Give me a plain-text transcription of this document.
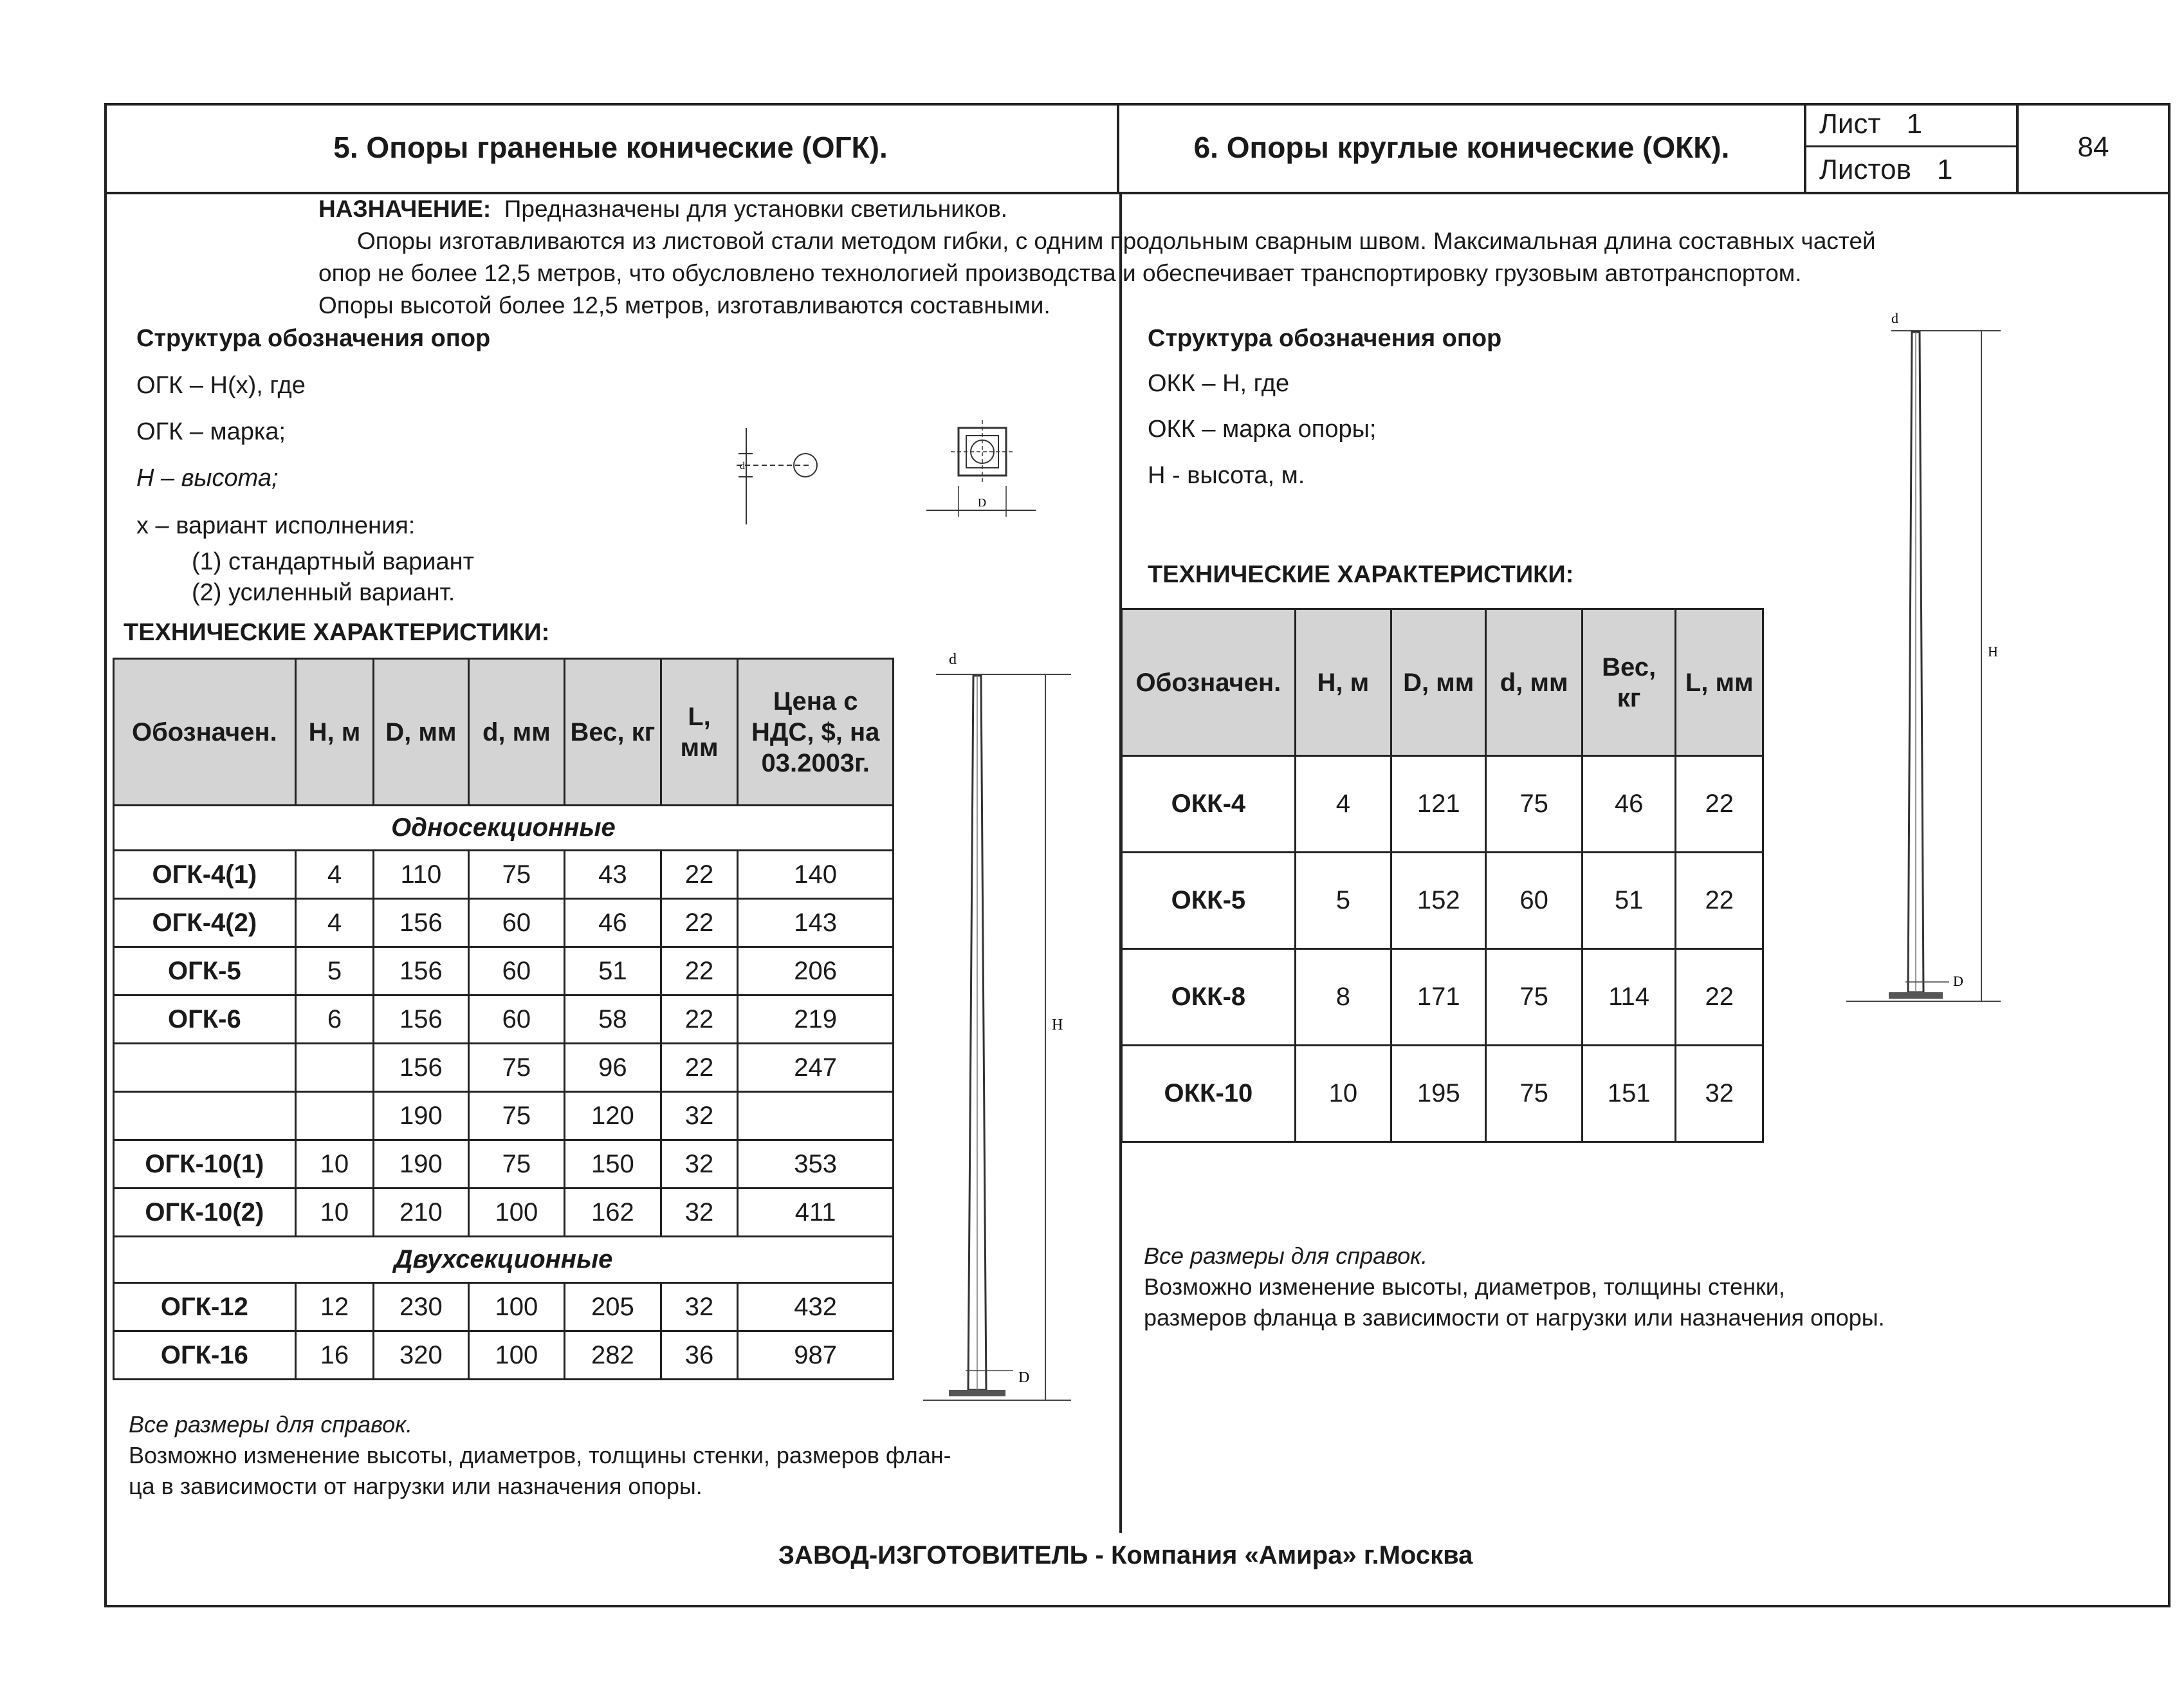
5. Опоры граненые конические (ОГК).	6. Опоры круглые конические (ОКК).
Лист 1
Листов 1
84

НАЗНАЧЕНИЕ: Предназначены для установки светильников.

Опоры изготавливаются из листовой стали методом гибки, с одним продольным сварным швом. Максимальная длина составных частей

опор не более 12,5 метров, что обусловлено технологией производства и обеспечивает транспортировку грузовым автотранспортом.

Опоры высотой более 12,5 метров, изготавливаются составными.

Структура обозначения опор
ОГК – Н(х), где
ОГК – марка;
Н – высота;
х – вариант исполнения:
(1) стандартный вариант
(2) усиленный вариант.
d
D
ТЕХНИЧЕСКИЕ ХАРАКТЕРИСТИКИ:
Обозначен.	Н, м	D, мм	d, мм	Вес, кг	L, мм	Цена с НДС, $, на 03.2003г.
Односекционные						
ОГК-4(1)	4	110	75	43	22	140
ОГК-4(2)	4	156	60	46	22	143
ОГК-5	5	156	60	51	22	206
ОГК-6	6	156	60	58	22	219
		156	75	96	22	247
		190	75	120	32	
ОГК-10(1)	10	190	75	150	32	353
ОГК-10(2)	10	210	100	162	32	411
Двухсекционные						
ОГК-12	12	230	100	205	32	432
ОГК-16	16	320	100	282	36	987
d
H
D
Все размеры для справок.
Возможно изменение высоты, диаметров, толщины стенки, размеров флан-
ца в зависимости от нагрузки или назначения опоры.
Структура обозначения опор
ОКК – Н, где
ОКК – марка опоры;
Н - высота, м.
ТЕХНИЧЕСКИЕ ХАРАКТЕРИСТИКИ:
Обозначен.	Н, м	D, мм	d, мм	Вес, кг	L, мм
ОКК-4	4	121	75	46	22
ОКК-5	5	152	60	51	22
ОКК-8	8	171	75	114	22
ОКК-10	10	195	75	151	32
d
H
D
Все размеры для справок.
Возможно изменение высоты, диаметров, толщины стенки,
размеров фланца в зависимости от нагрузки или назначения опоры.
ЗАВОД-ИЗГОТОВИТЕЛЬ - Компания «Амира» г.Москва
